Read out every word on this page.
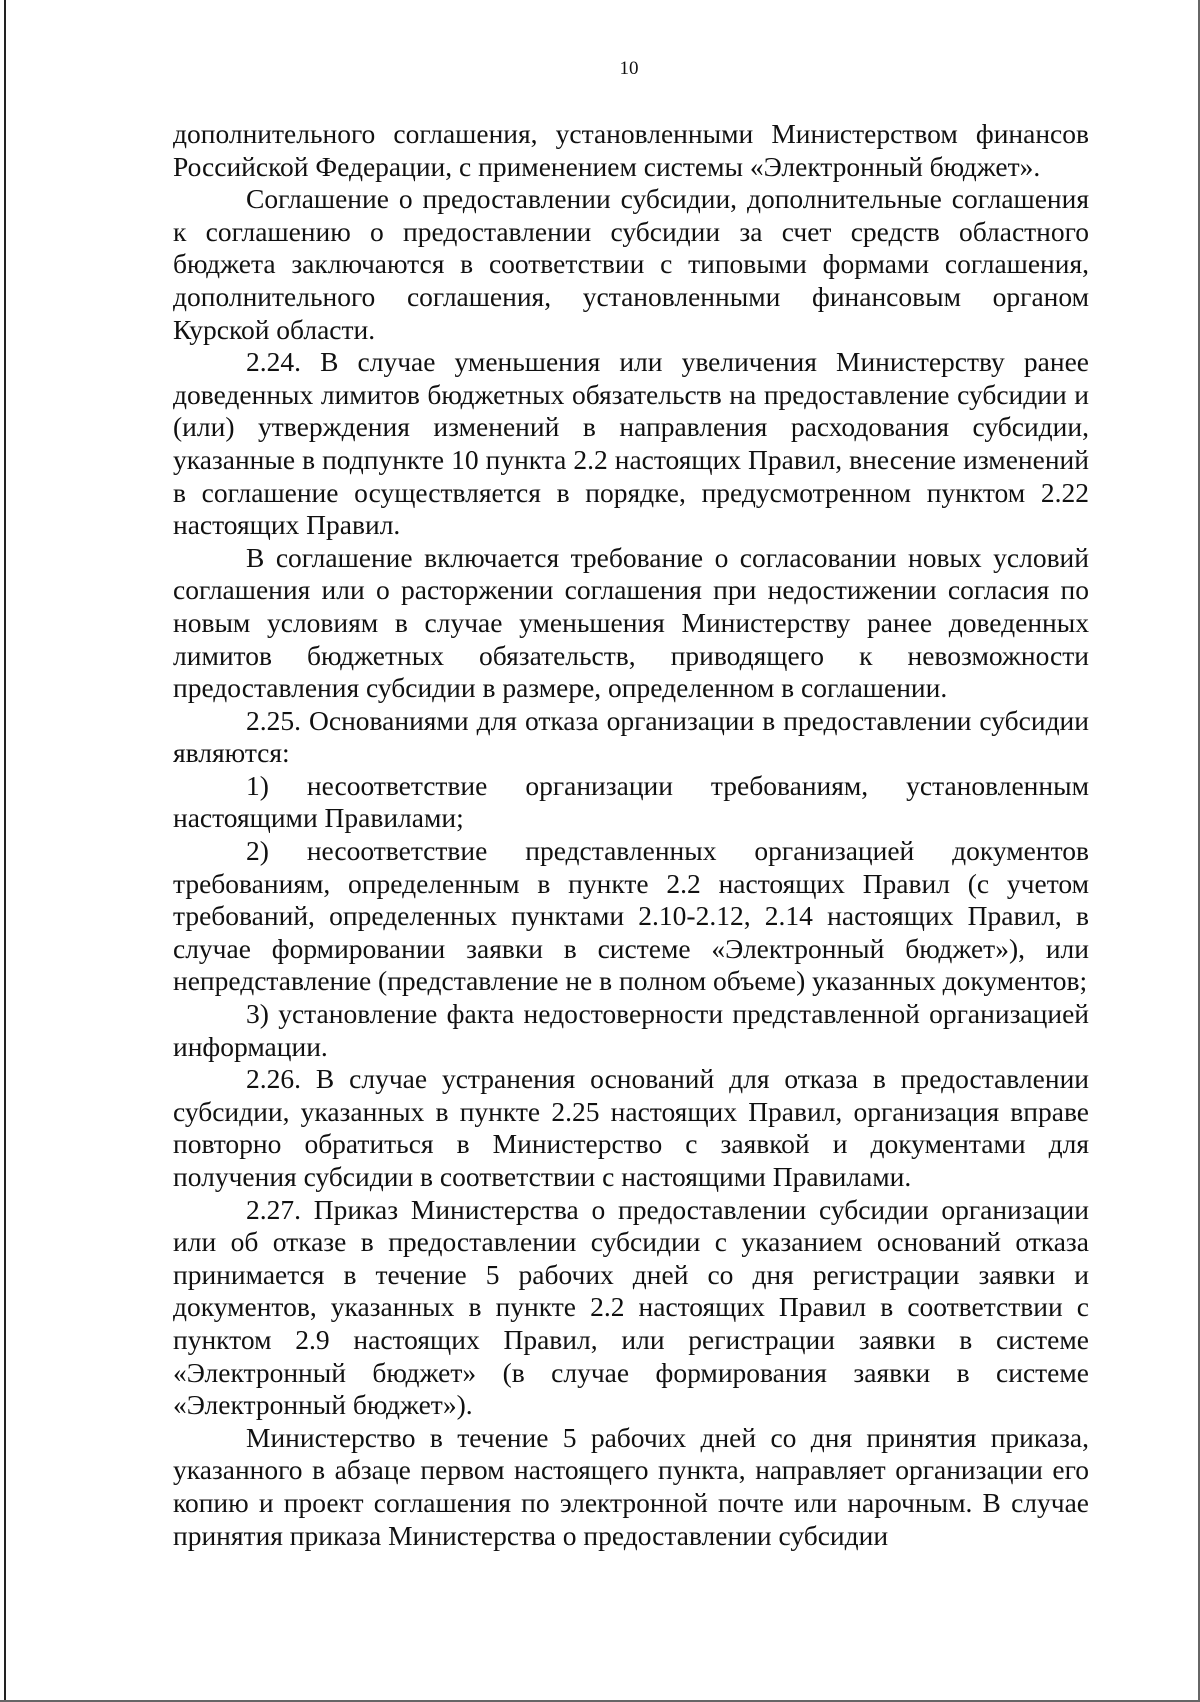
10

дополнительного соглашения, установленными Министерством финансов Российской Федерации, с применением системы «Электронный бюджет».

Соглашение о предоставлении субсидии, дополнительные соглашения к соглашению о предоставлении субсидии за счет средств областного бюджета заключаются в соответствии с типовыми формами соглашения, дополнительного соглашения, установленными финансовым органом Курской области.

2.24. В случае уменьшения или увеличения Министерству ранее доведенных лимитов бюджетных обязательств на предоставление субсидии и (или) утверждения изменений в направления расходования субсидии, указанные в подпункте 10 пункта 2.2 настоящих Правил, внесение изменений в соглашение осуществляется в порядке, предусмотренном пунктом 2.22 настоящих Правил.

В соглашение включается требование о согласовании новых условий соглашения или о расторжении соглашения при недостижении согласия по новым условиям в случае уменьшения Министерству ранее доведенных лимитов бюджетных обязательств, приводящего к невозможности предоставления субсидии в размере, определенном в соглашении.

2.25. Основаниями для отказа организации в предоставлении субсидии являются:

1) несоответствие организации требованиям, установленным настоящими Правилами;

2) несоответствие представленных организацией документов требованиям, определенным в пункте 2.2 настоящих Правил (с учетом требований, определенных пунктами 2.10-2.12, 2.14 настоящих Правил, в случае формировании заявки в системе «Электронный бюджет»), или непредставление (представление не в полном объеме) указанных документов;

3) установление факта недостоверности представленной организацией информации.

2.26. В случае устранения оснований для отказа в предоставлении субсидии, указанных в пункте 2.25 настоящих Правил, организация вправе повторно обратиться в Министерство с заявкой и документами для получения субсидии в соответствии с настоящими Правилами.

2.27. Приказ Министерства о предоставлении субсидии организации или об отказе в предоставлении субсидии с указанием оснований отказа принимается в течение 5 рабочих дней со дня регистрации заявки и документов, указанных в пункте 2.2 настоящих Правил в соответствии с пунктом 2.9 настоящих Правил, или регистрации заявки в системе «Электронный бюджет» (в случае формирования заявки в системе «Электронный бюджет»).

Министерство в течение 5 рабочих дней со дня принятия приказа, указанного в абзаце первом настоящего пункта, направляет организации его копию и проект соглашения по электронной почте или нарочным. В случае принятия приказа Министерства о предоставлении субсидии
